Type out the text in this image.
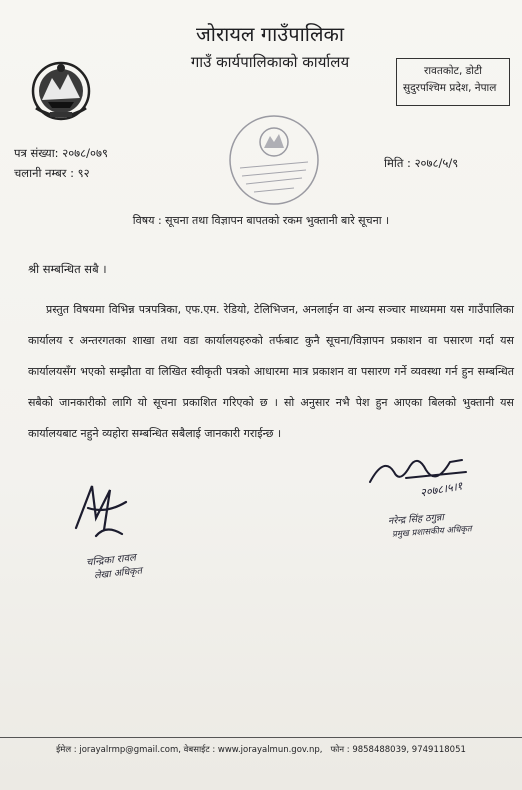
जोरायल गाउँपालिका
गाउँ कार्यपालिकाको कार्यालय	रावतकोट, डोटी
सुदुरपश्चिम प्रदेश, नेपाल
पत्र संख्या: २०७८/०७९
चलानी नम्बर : ९२
मिति : २०७८/५/९
विषय : सूचना तथा विज्ञापन बापतको रकम भुक्तानी बारे सूचना ।
श्री सम्बन्धित सबै ।
प्रस्तुत विषयमा विभिन्न पत्रपत्रिका, एफ.एम. रेडियो, टेलिभिजन, अनलाईन वा अन्य सञ्चार माध्यममा यस गाउँपालिका कार्यालय र अन्तरगतका शाखा तथा वडा कार्यालयहरुको तर्फबाट कुनै सूचना/विज्ञापन प्रकाशन वा पसारण गर्दा यस कार्यालयसँग भएको सम्झौता वा लिखित स्वीकृती पत्रको आधारमा मात्र प्रकाशन वा पसारण गर्ने व्यवस्था गर्न हुन सम्बन्धित सबैको जानकारीको लागि यो सूचना प्रकाशित गरिएको छ । सो अनुसार नभै पेश हुन आएका बिलको भुक्तानी यस कार्यालयबाट नहुने व्यहोरा सम्बन्धित सबैलाई जानकारी गराईन्छ ।
चन्द्रिका रावल
लेखा अधिकृत
२०७८।५।१
नरेन्द्र सिंह ठगुन्ना
प्रमुख प्रशासकीय अधिकृत
ईमेल : jorayalrmp@gmail.com, वेबसाईट : www.jorayalmun.gov.np, फोन : 9858488039, 9749118051
